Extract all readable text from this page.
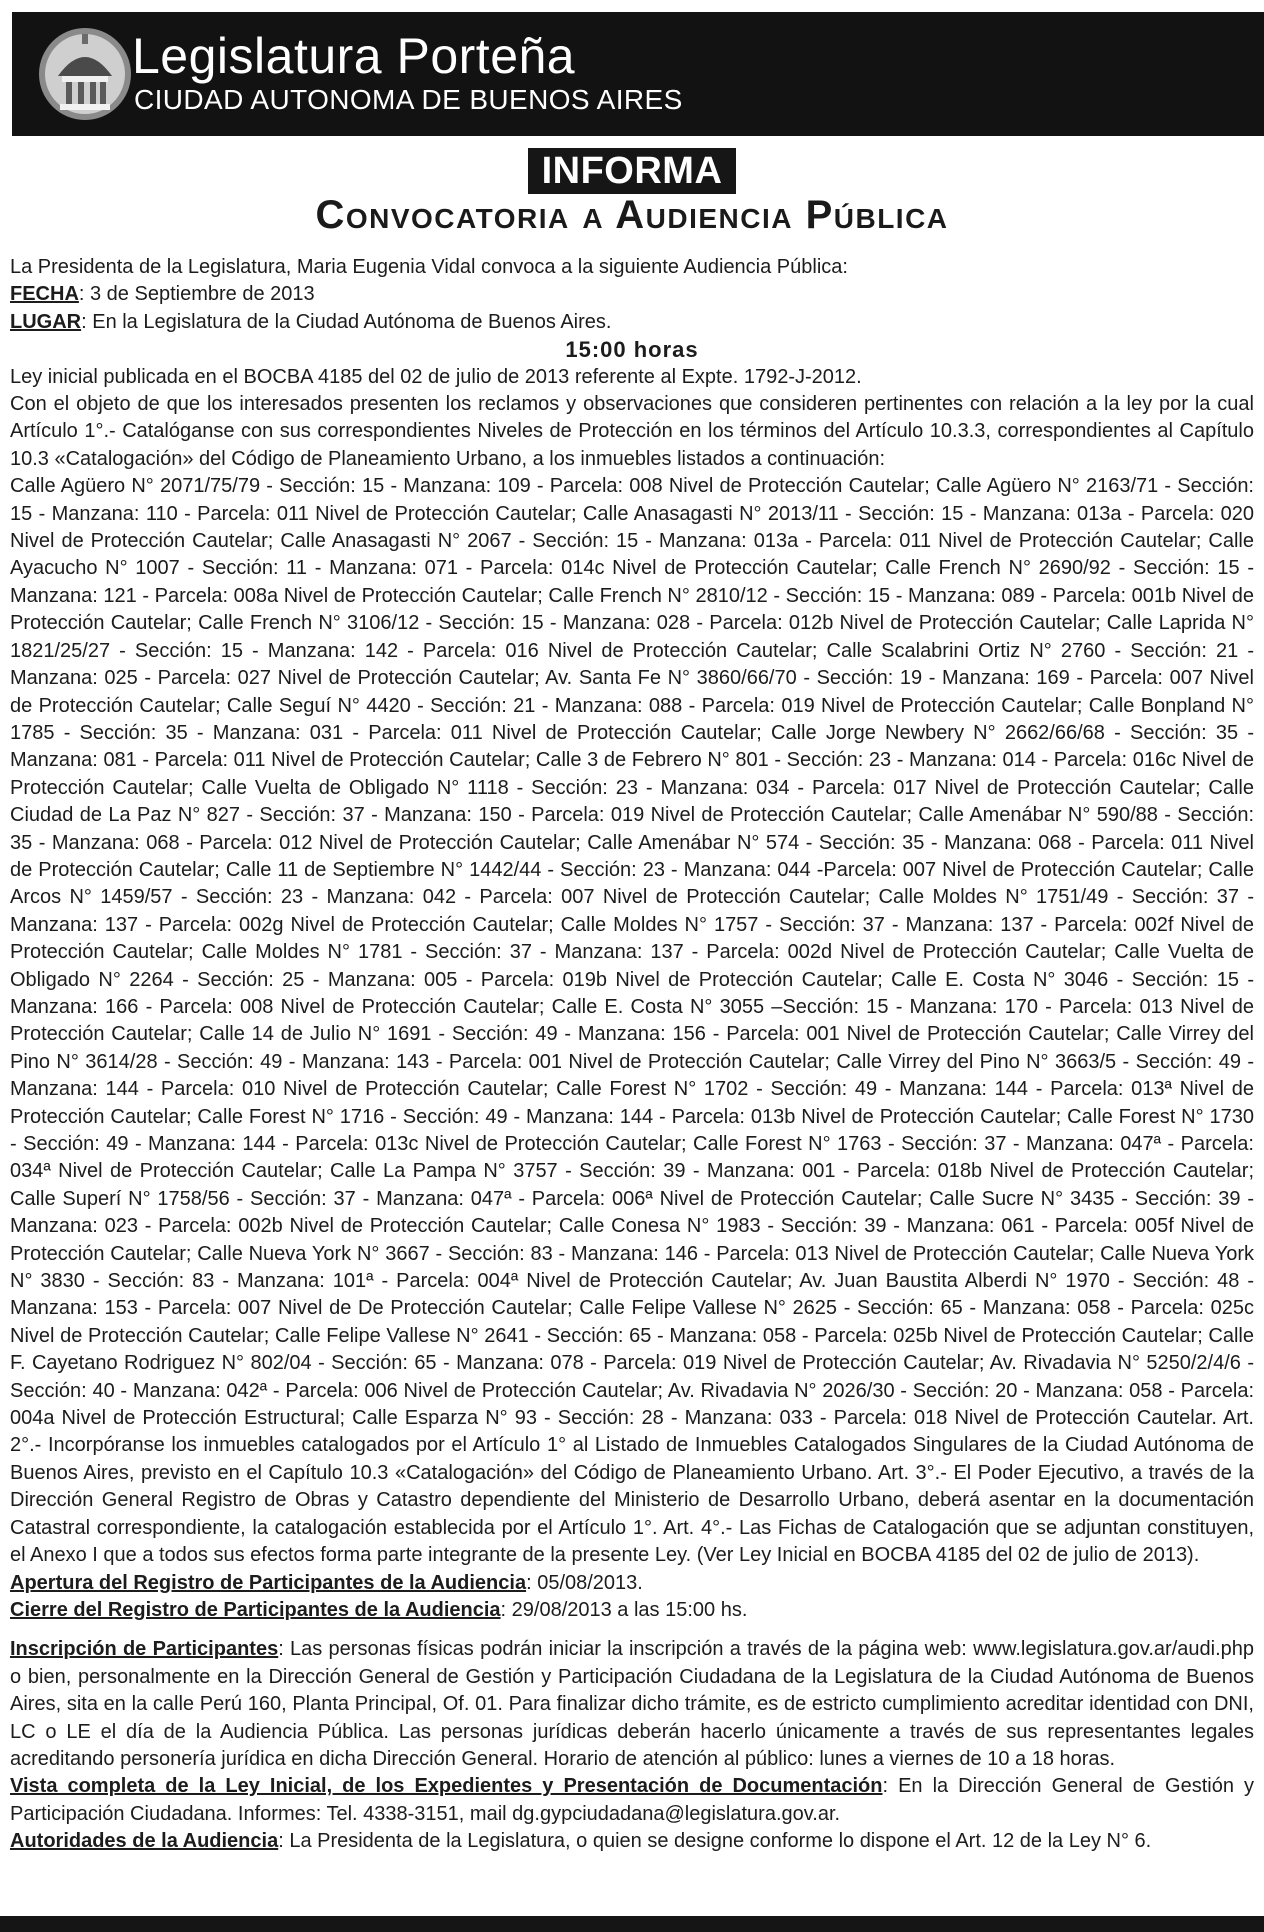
Legislatura Porteña
CIUDAD AUTONOMA DE BUENOS AIRES
INFORMA
Convocatoria a Audiencia Pública

La Presidenta de la Legislatura, Maria Eugenia Vidal convoca a la siguiente Audiencia Pública:

FECHA: 3 de Septiembre de 2013

LUGAR: En la Legislatura de la Ciudad Autónoma de Buenos Aires.

15:00 horas

Ley inicial publicada en el BOCBA 4185 del 02 de julio de 2013 referente al Expte. 1792-J-2012.

Con el objeto de que los interesados presenten los reclamos y observaciones que consideren pertinentes con relación a la ley por la cual Artículo 1°.- Catalóganse con sus correspondientes Niveles de Protección en los términos del Artículo 10.3.3, correspondientes al Capítulo 10.3 «Catalogación» del Código de Planeamiento Urbano, a los inmuebles listados a continuación:

Calle Agüero N° 2071/75/79 - Sección: 15 - Manzana: 109 - Parcela: 008 Nivel de Protección Cautelar; Calle Agüero N° 2163/71 - Sección: 15 - Manzana: 110 - Parcela: 011 Nivel de Protección Cautelar; Calle Anasagasti N° 2013/11 - Sección: 15 - Manzana: 013a - Parcela: 020 Nivel de Protección Cautelar; Calle Anasagasti N° 2067 - Sección: 15 - Manzana: 013a - Parcela: 011 Nivel de Protección Cautelar; Calle Ayacucho N° 1007 - Sección: 11 - Manzana: 071 - Parcela: 014c Nivel de Protección Cautelar; Calle French N° 2690/92 - Sección: 15 - Manzana: 121 - Parcela: 008a Nivel de Protección Cautelar; Calle French N° 2810/12 - Sección: 15 - Manzana: 089 - Parcela: 001b Nivel de Protección Cautelar; Calle French N° 3106/12 - Sección: 15 - Manzana: 028 - Parcela: 012b Nivel de Protección Cautelar; Calle Laprida N° 1821/25/27 - Sección: 15 - Manzana: 142 - Parcela: 016 Nivel de Protección Cautelar; Calle Scalabrini Ortiz N° 2760 - Sección: 21 - Manzana: 025 - Parcela: 027 Nivel de Protección Cautelar; Av. Santa Fe N° 3860/66/70 - Sección: 19 - Manzana: 169 - Parcela: 007 Nivel de Protección Cautelar; Calle Seguí N° 4420 - Sección: 21 - Manzana: 088 - Parcela: 019 Nivel de Protección Cautelar; Calle Bonpland N° 1785 - Sección: 35 - Manzana: 031 - Parcela: 011 Nivel de Protección Cautelar; Calle Jorge Newbery N° 2662/66/68 - Sección: 35 - Manzana: 081 - Parcela: 011 Nivel de Protección Cautelar; Calle 3 de Febrero N° 801 - Sección: 23 - Manzana: 014 - Parcela: 016c Nivel de Protección Cautelar; Calle Vuelta de Obligado N° 1118 - Sección: 23 - Manzana: 034 - Parcela: 017 Nivel de Protección Cautelar; Calle Ciudad de La Paz N° 827 - Sección: 37 - Manzana: 150 - Parcela: 019 Nivel de Protección Cautelar; Calle Amenábar N° 590/88 - Sección: 35 - Manzana: 068 - Parcela: 012 Nivel de Protección Cautelar; Calle Amenábar N° 574 - Sección: 35 - Manzana: 068 - Parcela: 011 Nivel de Protección Cautelar; Calle 11 de Septiembre N° 1442/44 - Sección: 23 - Manzana: 044 -Parcela: 007 Nivel de Protección Cautelar; Calle Arcos N° 1459/57 - Sección: 23 - Manzana: 042 - Parcela: 007 Nivel de Protección Cautelar; Calle Moldes N° 1751/49 - Sección: 37 - Manzana: 137 - Parcela: 002g Nivel de Protección Cautelar; Calle Moldes N° 1757 - Sección: 37 - Manzana: 137 - Parcela: 002f Nivel de Protección Cautelar; Calle Moldes N° 1781 - Sección: 37 - Manzana: 137 - Parcela: 002d Nivel de Protección Cautelar; Calle Vuelta de Obligado N° 2264 - Sección: 25 - Manzana: 005 - Parcela: 019b Nivel de Protección Cautelar; Calle E. Costa N° 3046 - Sección: 15 - Manzana: 166 - Parcela: 008 Nivel de Protección Cautelar; Calle E. Costa N° 3055 –Sección: 15 - Manzana: 170 - Parcela: 013 Nivel de Protección Cautelar; Calle 14 de Julio N° 1691 - Sección: 49 - Manzana: 156 - Parcela: 001 Nivel de Protección Cautelar; Calle Virrey del Pino N° 3614/28 - Sección: 49 - Manzana: 143 - Parcela: 001 Nivel de Protección Cautelar; Calle Virrey del Pino N° 3663/5 - Sección: 49 - Manzana: 144 - Parcela: 010 Nivel de Protección Cautelar; Calle Forest N° 1702 - Sección: 49 - Manzana: 144 - Parcela: 013ª Nivel de Protección Cautelar; Calle Forest N° 1716 - Sección: 49 - Manzana: 144 - Parcela: 013b Nivel de Protección Cautelar; Calle Forest N° 1730 - Sección: 49 - Manzana: 144 - Parcela: 013c Nivel de Protección Cautelar; Calle Forest N° 1763 - Sección: 37 - Manzana: 047ª - Parcela: 034ª Nivel de Protección Cautelar; Calle La Pampa N° 3757 - Sección: 39 - Manzana: 001 - Parcela: 018b Nivel de Protección Cautelar; Calle Superí N° 1758/56 - Sección: 37 - Manzana: 047ª - Parcela: 006ª Nivel de Protección Cautelar; Calle Sucre N° 3435 - Sección: 39 - Manzana: 023 - Parcela: 002b Nivel de Protección Cautelar; Calle Conesa N° 1983 - Sección: 39 - Manzana: 061 - Parcela: 005f Nivel de Protección Cautelar; Calle Nueva York N° 3667 - Sección: 83 - Manzana: 146 - Parcela: 013 Nivel de Protección Cautelar; Calle Nueva York N° 3830 - Sección: 83 - Manzana: 101ª - Parcela: 004ª Nivel de Protección Cautelar; Av. Juan Baustita Alberdi N° 1970 - Sección: 48 - Manzana: 153 - Parcela: 007 Nivel de De Protección Cautelar; Calle Felipe Vallese N° 2625 - Sección: 65 - Manzana: 058 - Parcela: 025c Nivel de Protección Cautelar; Calle Felipe Vallese N° 2641 - Sección: 65 - Manzana: 058 - Parcela: 025b Nivel de Protección Cautelar; Calle F. Cayetano Rodriguez N° 802/04 - Sección: 65 - Manzana: 078 - Parcela: 019 Nivel de Protección Cautelar; Av. Rivadavia N° 5250/2/4/6 - Sección: 40 - Manzana: 042ª - Parcela: 006 Nivel de Protección Cautelar; Av. Rivadavia N° 2026/30 - Sección: 20 - Manzana: 058 - Parcela: 004a Nivel de Protección Estructural; Calle Esparza N° 93 - Sección: 28 - Manzana: 033 - Parcela: 018 Nivel de Protección Cautelar. Art. 2°.- Incorpóranse los inmuebles catalogados por el Artículo 1° al Listado de Inmuebles Catalogados Singulares de la Ciudad Autónoma de Buenos Aires, previsto en el Capítulo 10.3 «Catalogación» del Código de Planeamiento Urbano. Art. 3°.- El Poder Ejecutivo, a través de la Dirección General Registro de Obras y Catastro dependiente del Ministerio de Desarrollo Urbano, deberá asentar en la documentación Catastral correspondiente, la catalogación establecida por el Artículo 1°. Art. 4°.- Las Fichas de Catalogación que se adjuntan constituyen, el Anexo I que a todos sus efectos forma parte integrante de la presente Ley. (Ver Ley Inicial en BOCBA 4185 del 02 de julio de 2013).

Apertura del Registro de Participantes de la Audiencia: 05/08/2013.

Cierre del Registro de Participantes de la Audiencia: 29/08/2013 a las 15:00 hs.

Inscripción de Participantes: Las personas físicas podrán iniciar la inscripción a través de la página web: www.legislatura.gov.ar/audi.php o bien, personalmente en la Dirección General de Gestión y Participación Ciudadana de la Legislatura de la Ciudad Autónoma de Buenos Aires, sita en la calle Perú 160, Planta Principal, Of. 01. Para finalizar dicho trámite, es de estricto cumplimiento acreditar identidad con DNI, LC o LE el día de la Audiencia Pública. Las personas jurídicas deberán hacerlo únicamente a través de sus representantes legales acreditando personería jurídica en dicha Dirección General. Horario de atención al público: lunes a viernes de 10 a 18 horas.

Vista completa de la Ley Inicial, de los Expedientes y Presentación de Documentación: En la Dirección General de Gestión y Participación Ciudadana. Informes: Tel. 4338-3151, mail dg.gypciudadana@legislatura.gov.ar.

Autoridades de la Audiencia: La Presidenta de la Legislatura, o quien se designe conforme lo dispone el Art. 12 de la Ley N° 6.
